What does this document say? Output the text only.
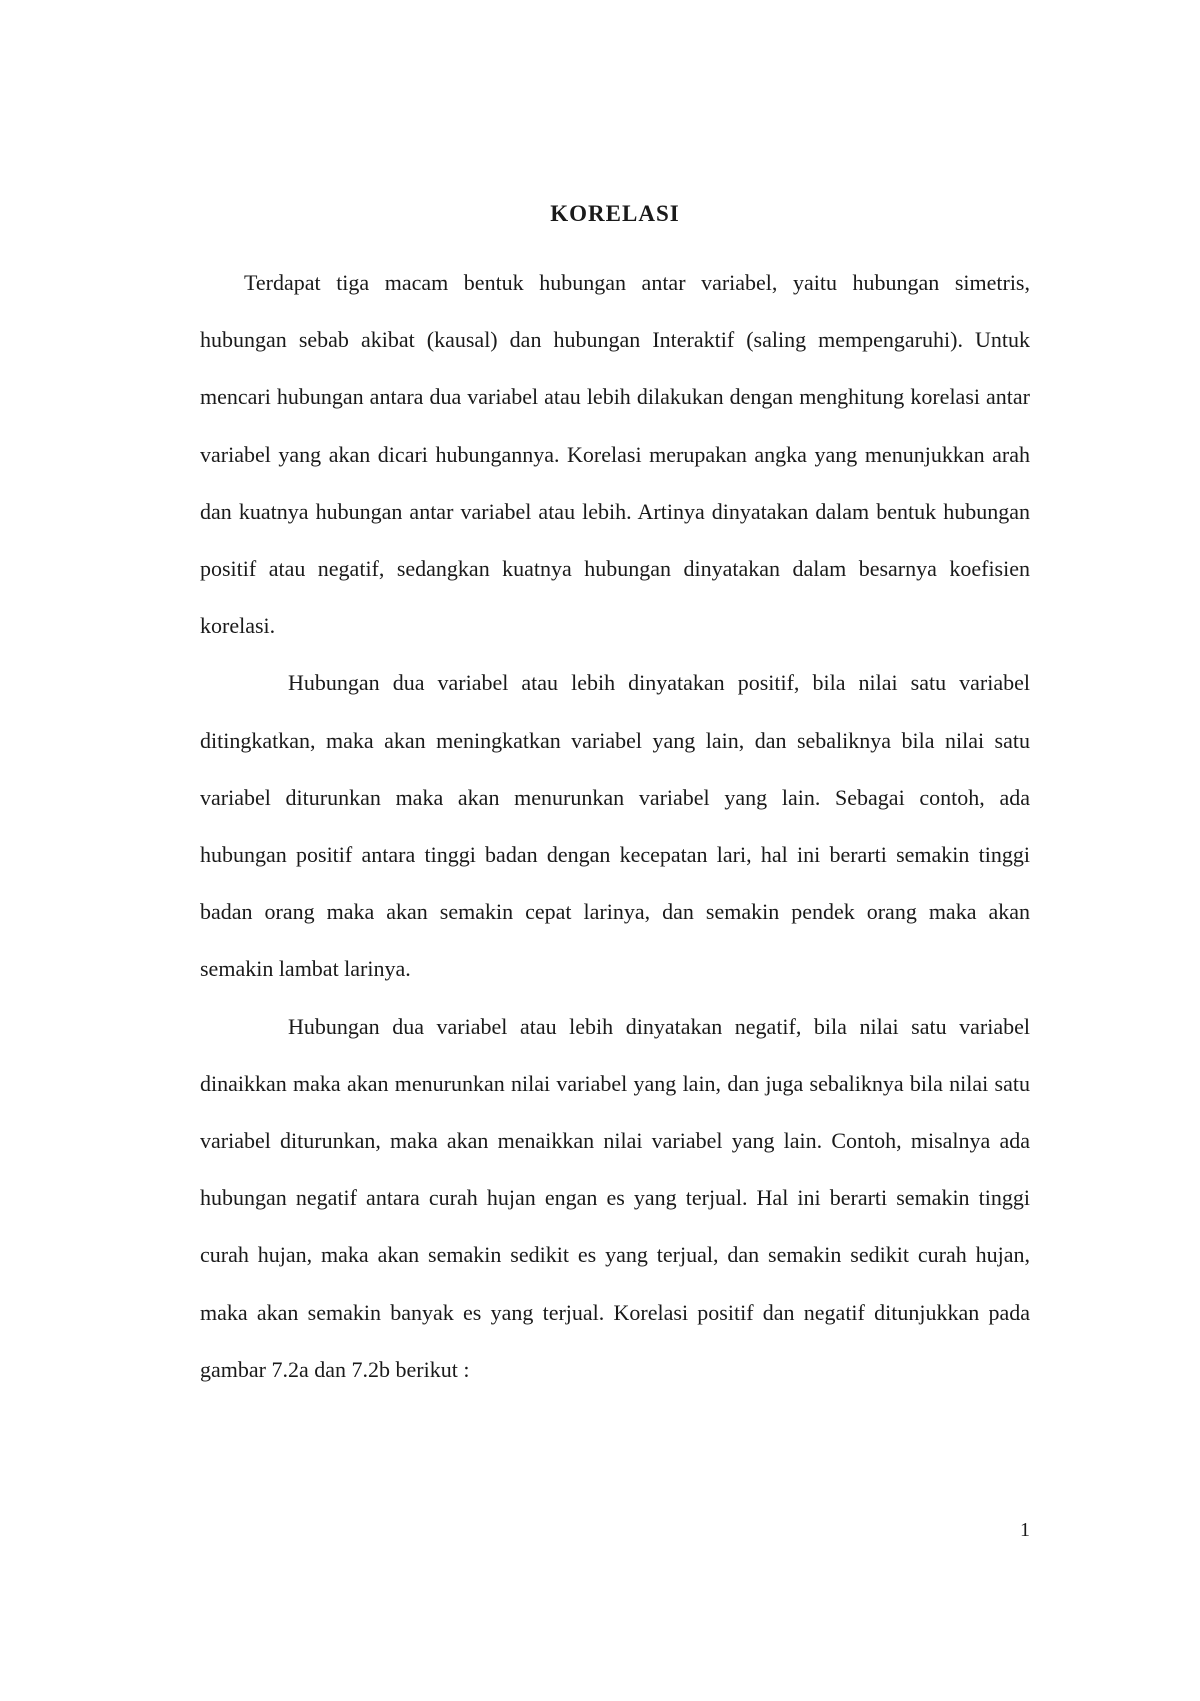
KORELASI

Terdapat tiga macam bentuk hubungan antar variabel, yaitu hubungan simetris, hubungan sebab akibat (kausal) dan hubungan Interaktif (saling mempengaruhi). Untuk mencari hubungan antara dua variabel atau lebih dilakukan dengan menghitung korelasi antar variabel yang akan dicari hubungannya. Korelasi merupakan angka yang menunjukkan arah dan kuatnya hubungan antar variabel atau lebih. Artinya dinyatakan dalam bentuk hubungan positif atau negatif, sedangkan kuatnya hubungan dinyatakan dalam besarnya koefisien korelasi.

Hubungan dua variabel atau lebih dinyatakan positif, bila nilai satu variabel ditingkatkan, maka akan meningkatkan variabel yang lain, dan sebaliknya bila nilai satu variabel diturunkan maka akan menurunkan variabel yang lain. Sebagai contoh, ada hubungan positif antara tinggi badan dengan kecepatan lari, hal ini berarti semakin tinggi badan orang maka akan semakin cepat larinya, dan semakin pendek orang maka akan semakin lambat larinya.

Hubungan dua variabel atau lebih dinyatakan negatif, bila nilai satu variabel dinaikkan maka akan menurunkan nilai variabel yang lain, dan juga sebaliknya bila nilai satu variabel diturunkan, maka akan menaikkan nilai variabel yang lain. Contoh, misalnya ada hubungan negatif antara curah hujan engan es yang terjual. Hal ini berarti semakin tinggi curah hujan, maka akan semakin sedikit es yang terjual, dan semakin sedikit curah hujan, maka akan semakin banyak es yang terjual. Korelasi positif dan negatif ditunjukkan pada gambar 7.2a dan 7.2b berikut :

1
